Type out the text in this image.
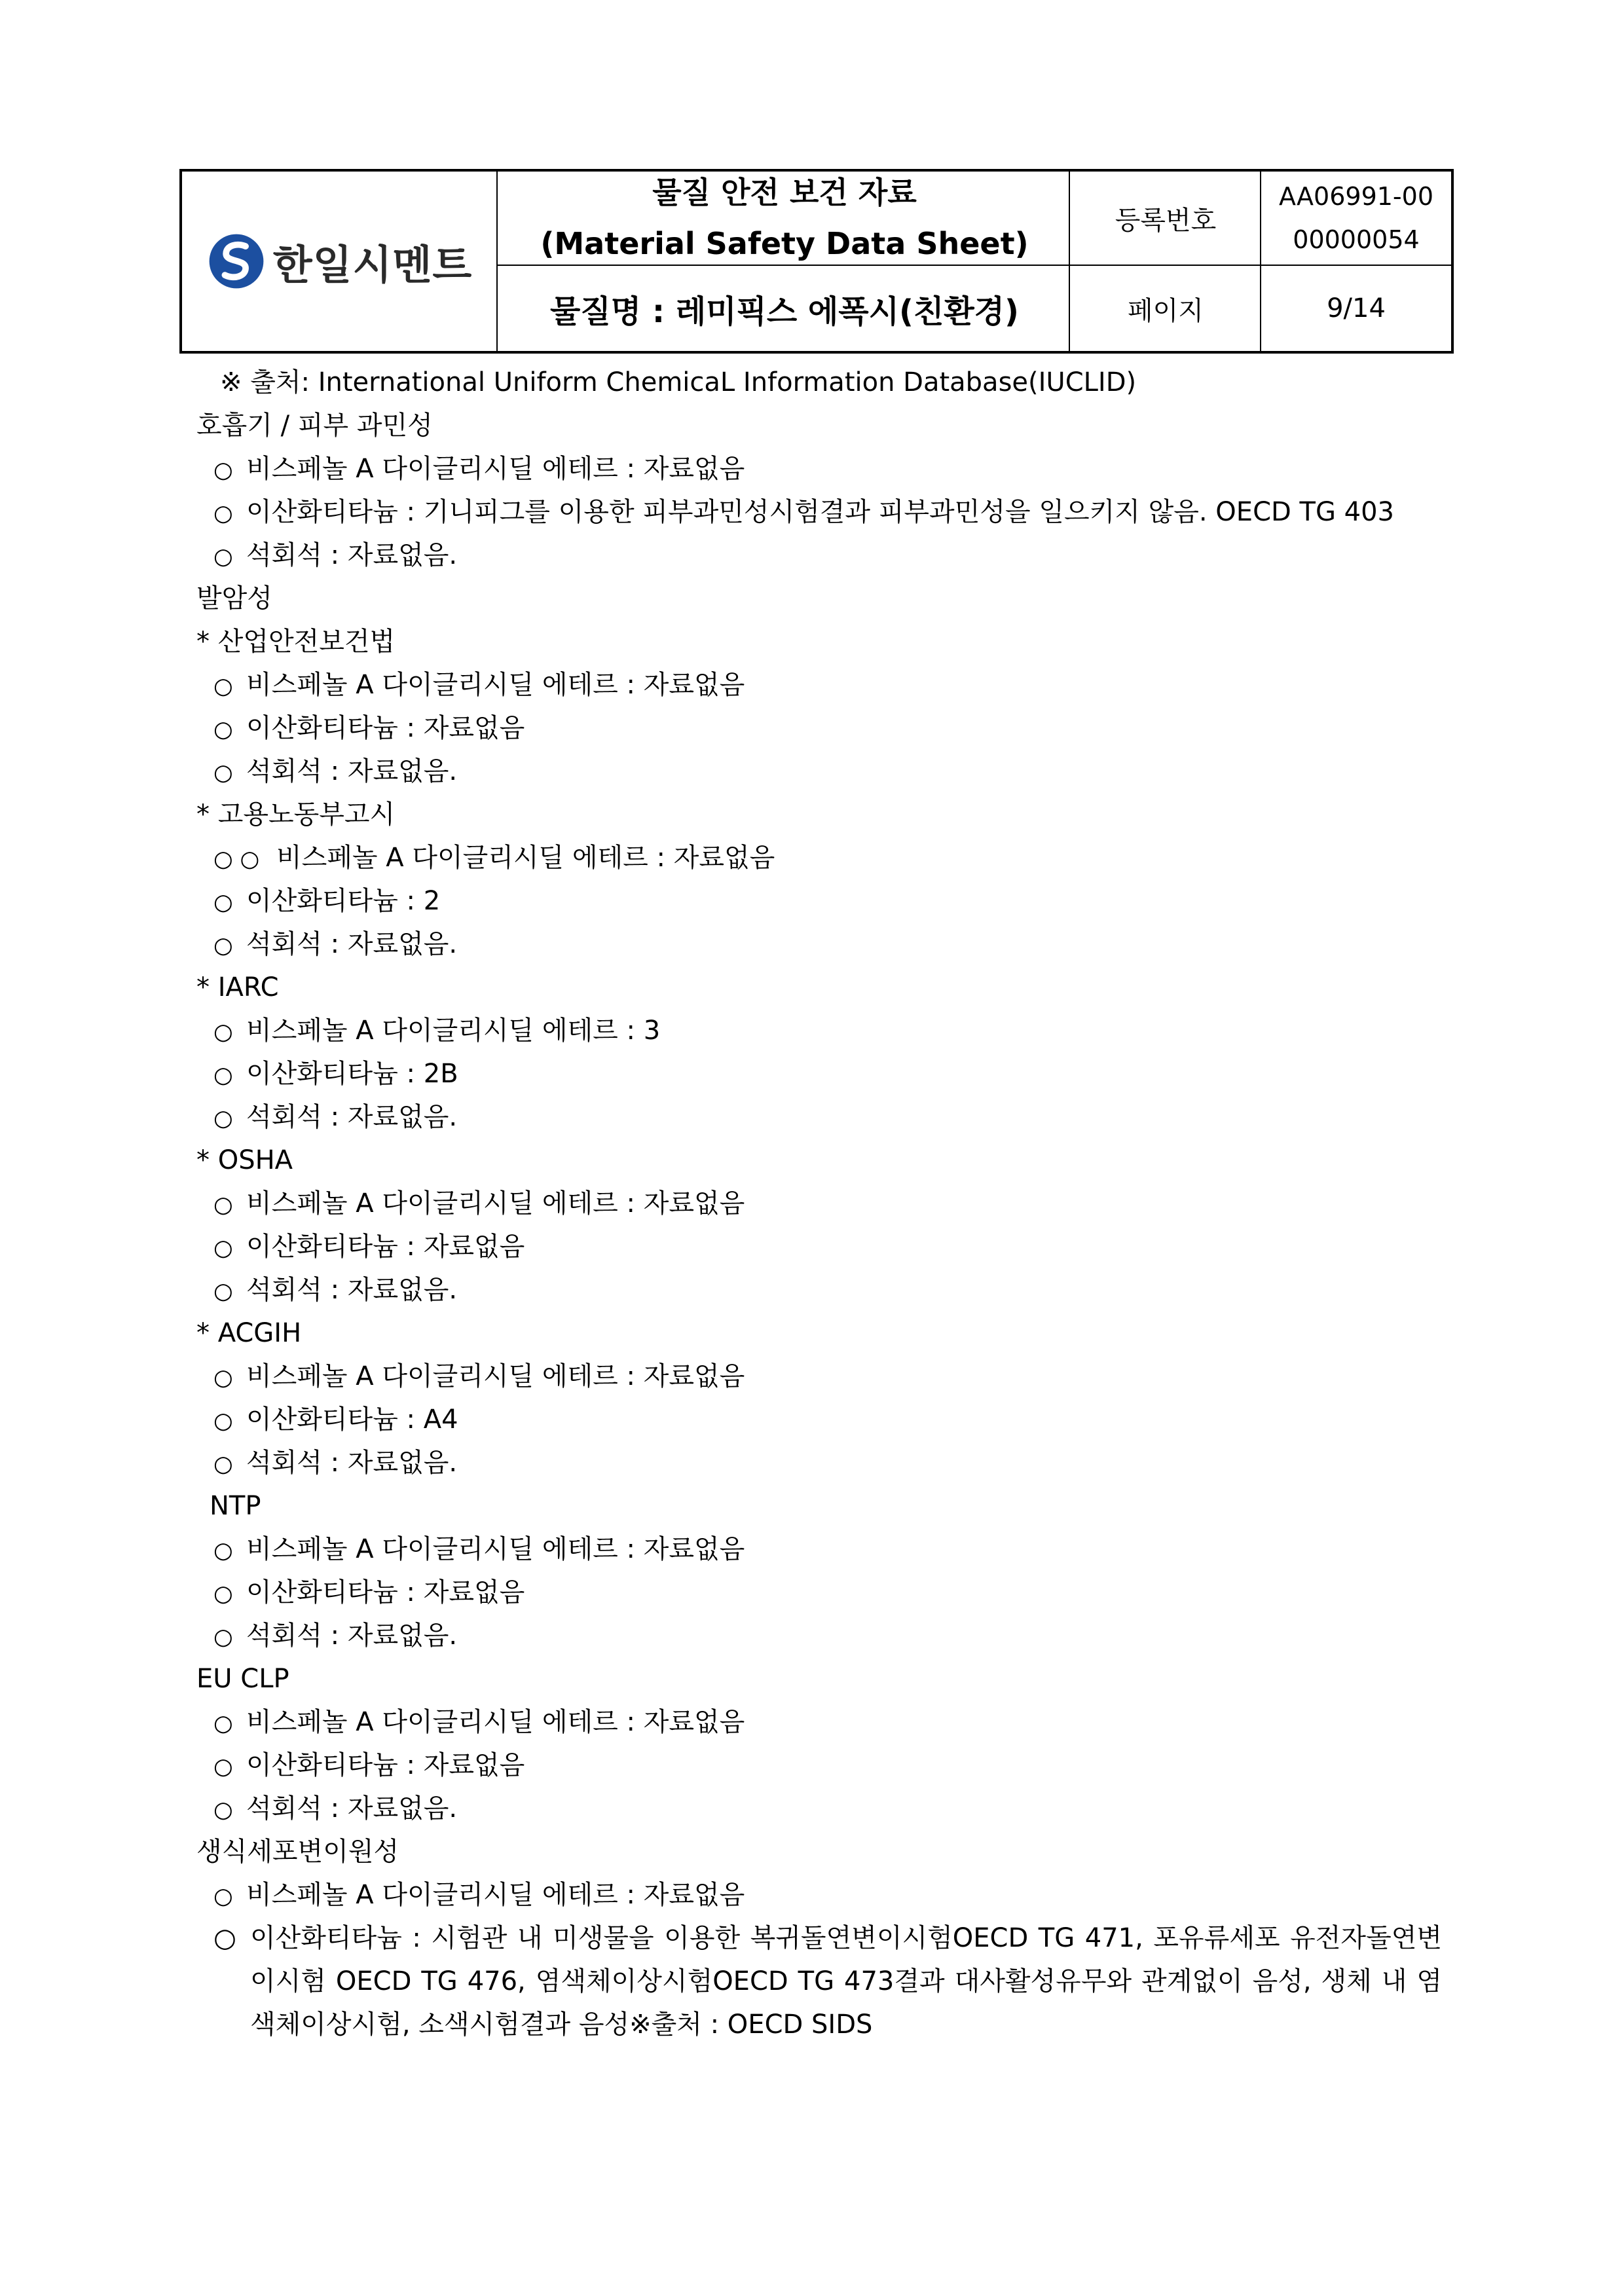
한일시멘트
물질 안전 보건 자료
(Material Safety Data Sheet)
물질명 : 레미픽스 에폭시(친환경)
등록번호
AA06991-00
00000054
페이지	9/14
※ 출처: International Uniform ChemicaL Information Database(IUCLID)
호흡기 / 피부 과민성
○ 비스페놀 A 다이글리시딜 에테르 : 자료없음
○ 이산화티타늄 : 기니피그를 이용한 피부과민성시험결과 피부과민성을 일으키지 않음. OECD TG 403
○ 석회석 : 자료없음.
발암성
* 산업안전보건법
○ 비스페놀 A 다이글리시딜 에테르 : 자료없음
○ 이산화티타늄 : 자료없음
○ 석회석 : 자료없음.
* 고용노동부고시
○ ○ 비스페놀 A 다이글리시딜 에테르 : 자료없음
○ 이산화티타늄 : 2
○ 석회석 : 자료없음.
* IARC
○ 비스페놀 A 다이글리시딜 에테르 : 3
○ 이산화티타늄 : 2B
○ 석회석 : 자료없음.
* OSHA
○ 비스페놀 A 다이글리시딜 에테르 : 자료없음
○ 이산화티타늄 : 자료없음
○ 석회석 : 자료없음.
* ACGIH
○ 비스페놀 A 다이글리시딜 에테르 : 자료없음
○ 이산화티타늄 : A4
○ 석회석 : 자료없음.
NTP
○ 비스페놀 A 다이글리시딜 에테르 : 자료없음
○ 이산화티타늄 : 자료없음
○ 석회석 : 자료없음.
EU CLP
○ 비스페놀 A 다이글리시딜 에테르 : 자료없음
○ 이산화티타늄 : 자료없음
○ 석회석 : 자료없음.
생식세포변이원성
○ 비스페놀 A 다이글리시딜 에테르 : 자료없음
○ 이산화티타늄 : 시험관 내 미생물을 이용한 복귀돌연변이시험OECD TG 471, 포유류세포 유전자돌연변이시험 OECD TG 476, 염색체이상시험OECD TG 473결과 대사활성유무와 관계없이 음성, 생체 내 염색체이상시험, 소색시험결과 음성※출처 : OECD SIDS
